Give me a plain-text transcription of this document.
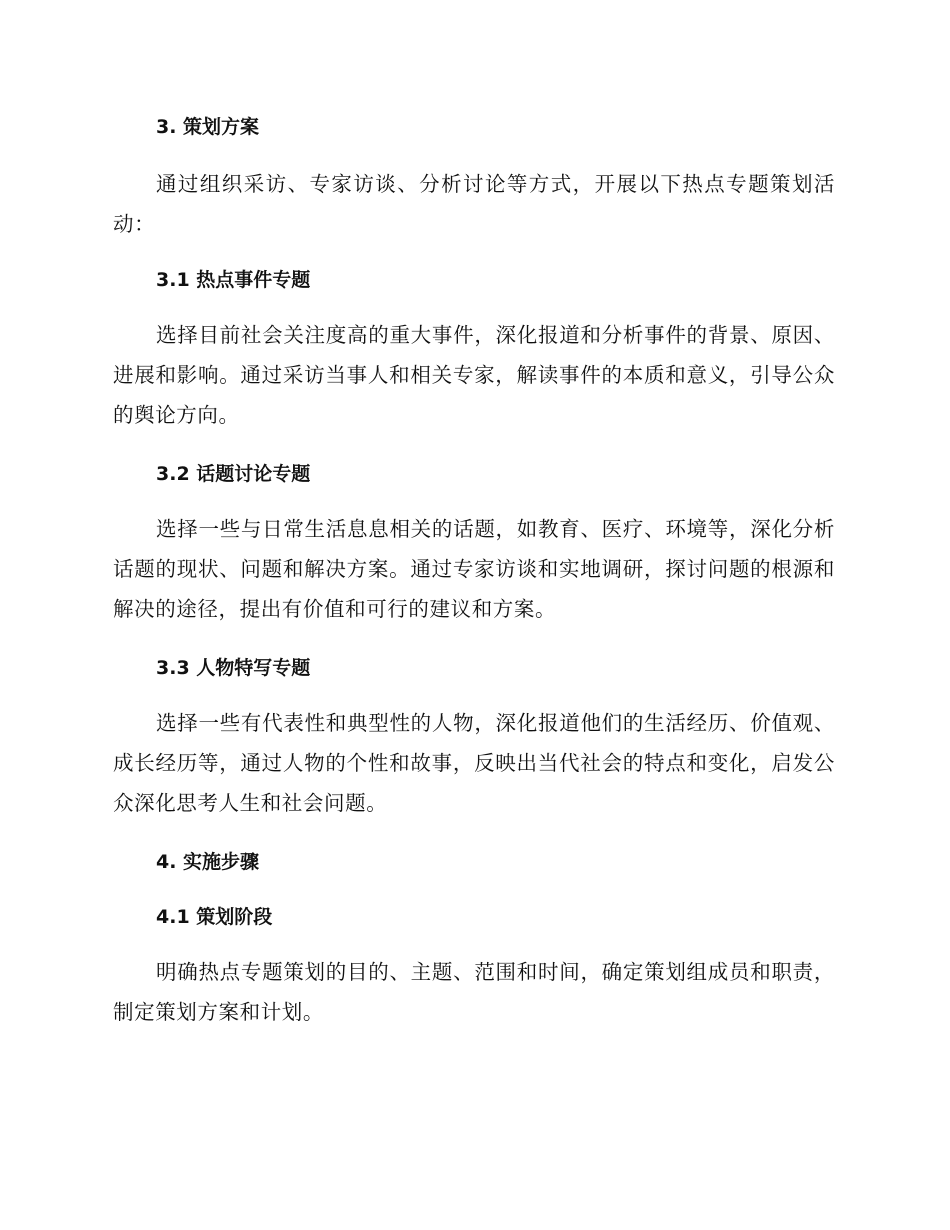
3. 策划方案

通过组织采访、专家访谈、分析讨论等方式，开展以下热点专题策划活动：

3.1 热点事件专题

选择目前社会关注度高的重大事件，深化报道和分析事件的背景、原因、进展和影响。通过采访当事人和相关专家，解读事件的本质和意义，引导公众的舆论方向。

3.2 话题讨论专题

选择一些与日常生活息息相关的话题，如教育、医疗、环境等，深化分析话题的现状、问题和解决方案。通过专家访谈和实地调研，探讨问题的根源和解决的途径，提出有价值和可行的建议和方案。

3.3 人物特写专题

选择一些有代表性和典型性的人物，深化报道他们的生活经历、价值观、成长经历等，通过人物的个性和故事，反映出当代社会的特点和变化，启发公众深化思考人生和社会问题。

4. 实施步骤
4.1 策划阶段

明确热点专题策划的目的、主题、范围和时间，确定策划组成员和职责，制定策划方案和计划。
